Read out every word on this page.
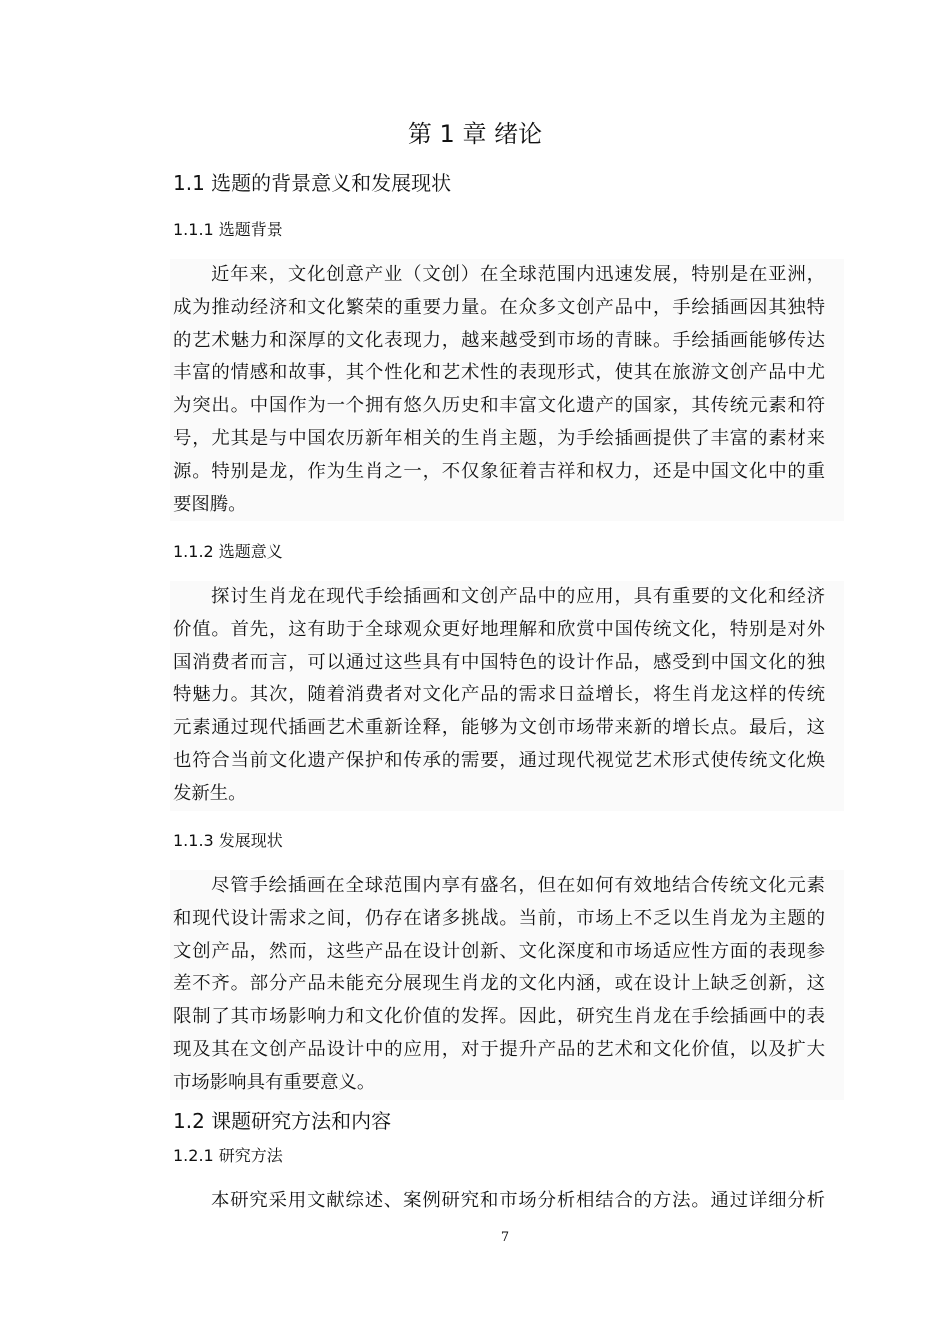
第 1 章 绪论
1.1 选题的背景意义和发展现状
1.1.1 选题背景
近年来，文化创意产业（文创）在全球范围内迅速发展，特别是在亚洲，
成为推动经济和文化繁荣的重要力量。在众多文创产品中，手绘插画因其独特
的艺术魅力和深厚的文化表现力，越来越受到市场的青睐。手绘插画能够传达
丰富的情感和故事，其个性化和艺术性的表现形式，使其在旅游文创产品中尤
为突出。中国作为一个拥有悠久历史和丰富文化遗产的国家，其传统元素和符
号，尤其是与中国农历新年相关的生肖主题，为手绘插画提供了丰富的素材来
源。特别是龙，作为生肖之一，不仅象征着吉祥和权力，还是中国文化中的重
要图腾。
1.1.2 选题意义
探讨生肖龙在现代手绘插画和文创产品中的应用，具有重要的文化和经济
价值。首先，这有助于全球观众更好地理解和欣赏中国传统文化，特别是对外
国消费者而言，可以通过这些具有中国特色的设计作品，感受到中国文化的独
特魅力。其次，随着消费者对文化产品的需求日益增长，将生肖龙这样的传统
元素通过现代插画艺术重新诠释，能够为文创市场带来新的增长点。最后，这
也符合当前文化遗产保护和传承的需要，通过现代视觉艺术形式使传统文化焕
发新生。
1.1.3 发展现状
尽管手绘插画在全球范围内享有盛名，但在如何有效地结合传统文化元素
和现代设计需求之间，仍存在诸多挑战。当前，市场上不乏以生肖龙为主题的
文创产品，然而，这些产品在设计创新、文化深度和市场适应性方面的表现参
差不齐。部分产品未能充分展现生肖龙的文化内涵，或在设计上缺乏创新，这
限制了其市场影响力和文化价值的发挥。因此，研究生肖龙在手绘插画中的表
现及其在文创产品设计中的应用，对于提升产品的艺术和文化价值，以及扩大
市场影响具有重要意义。
1.2 课题研究方法和内容
1.2.1 研究方法
本研究采用文献综述、案例研究和市场分析相结合的方法。通过详细分析
7
